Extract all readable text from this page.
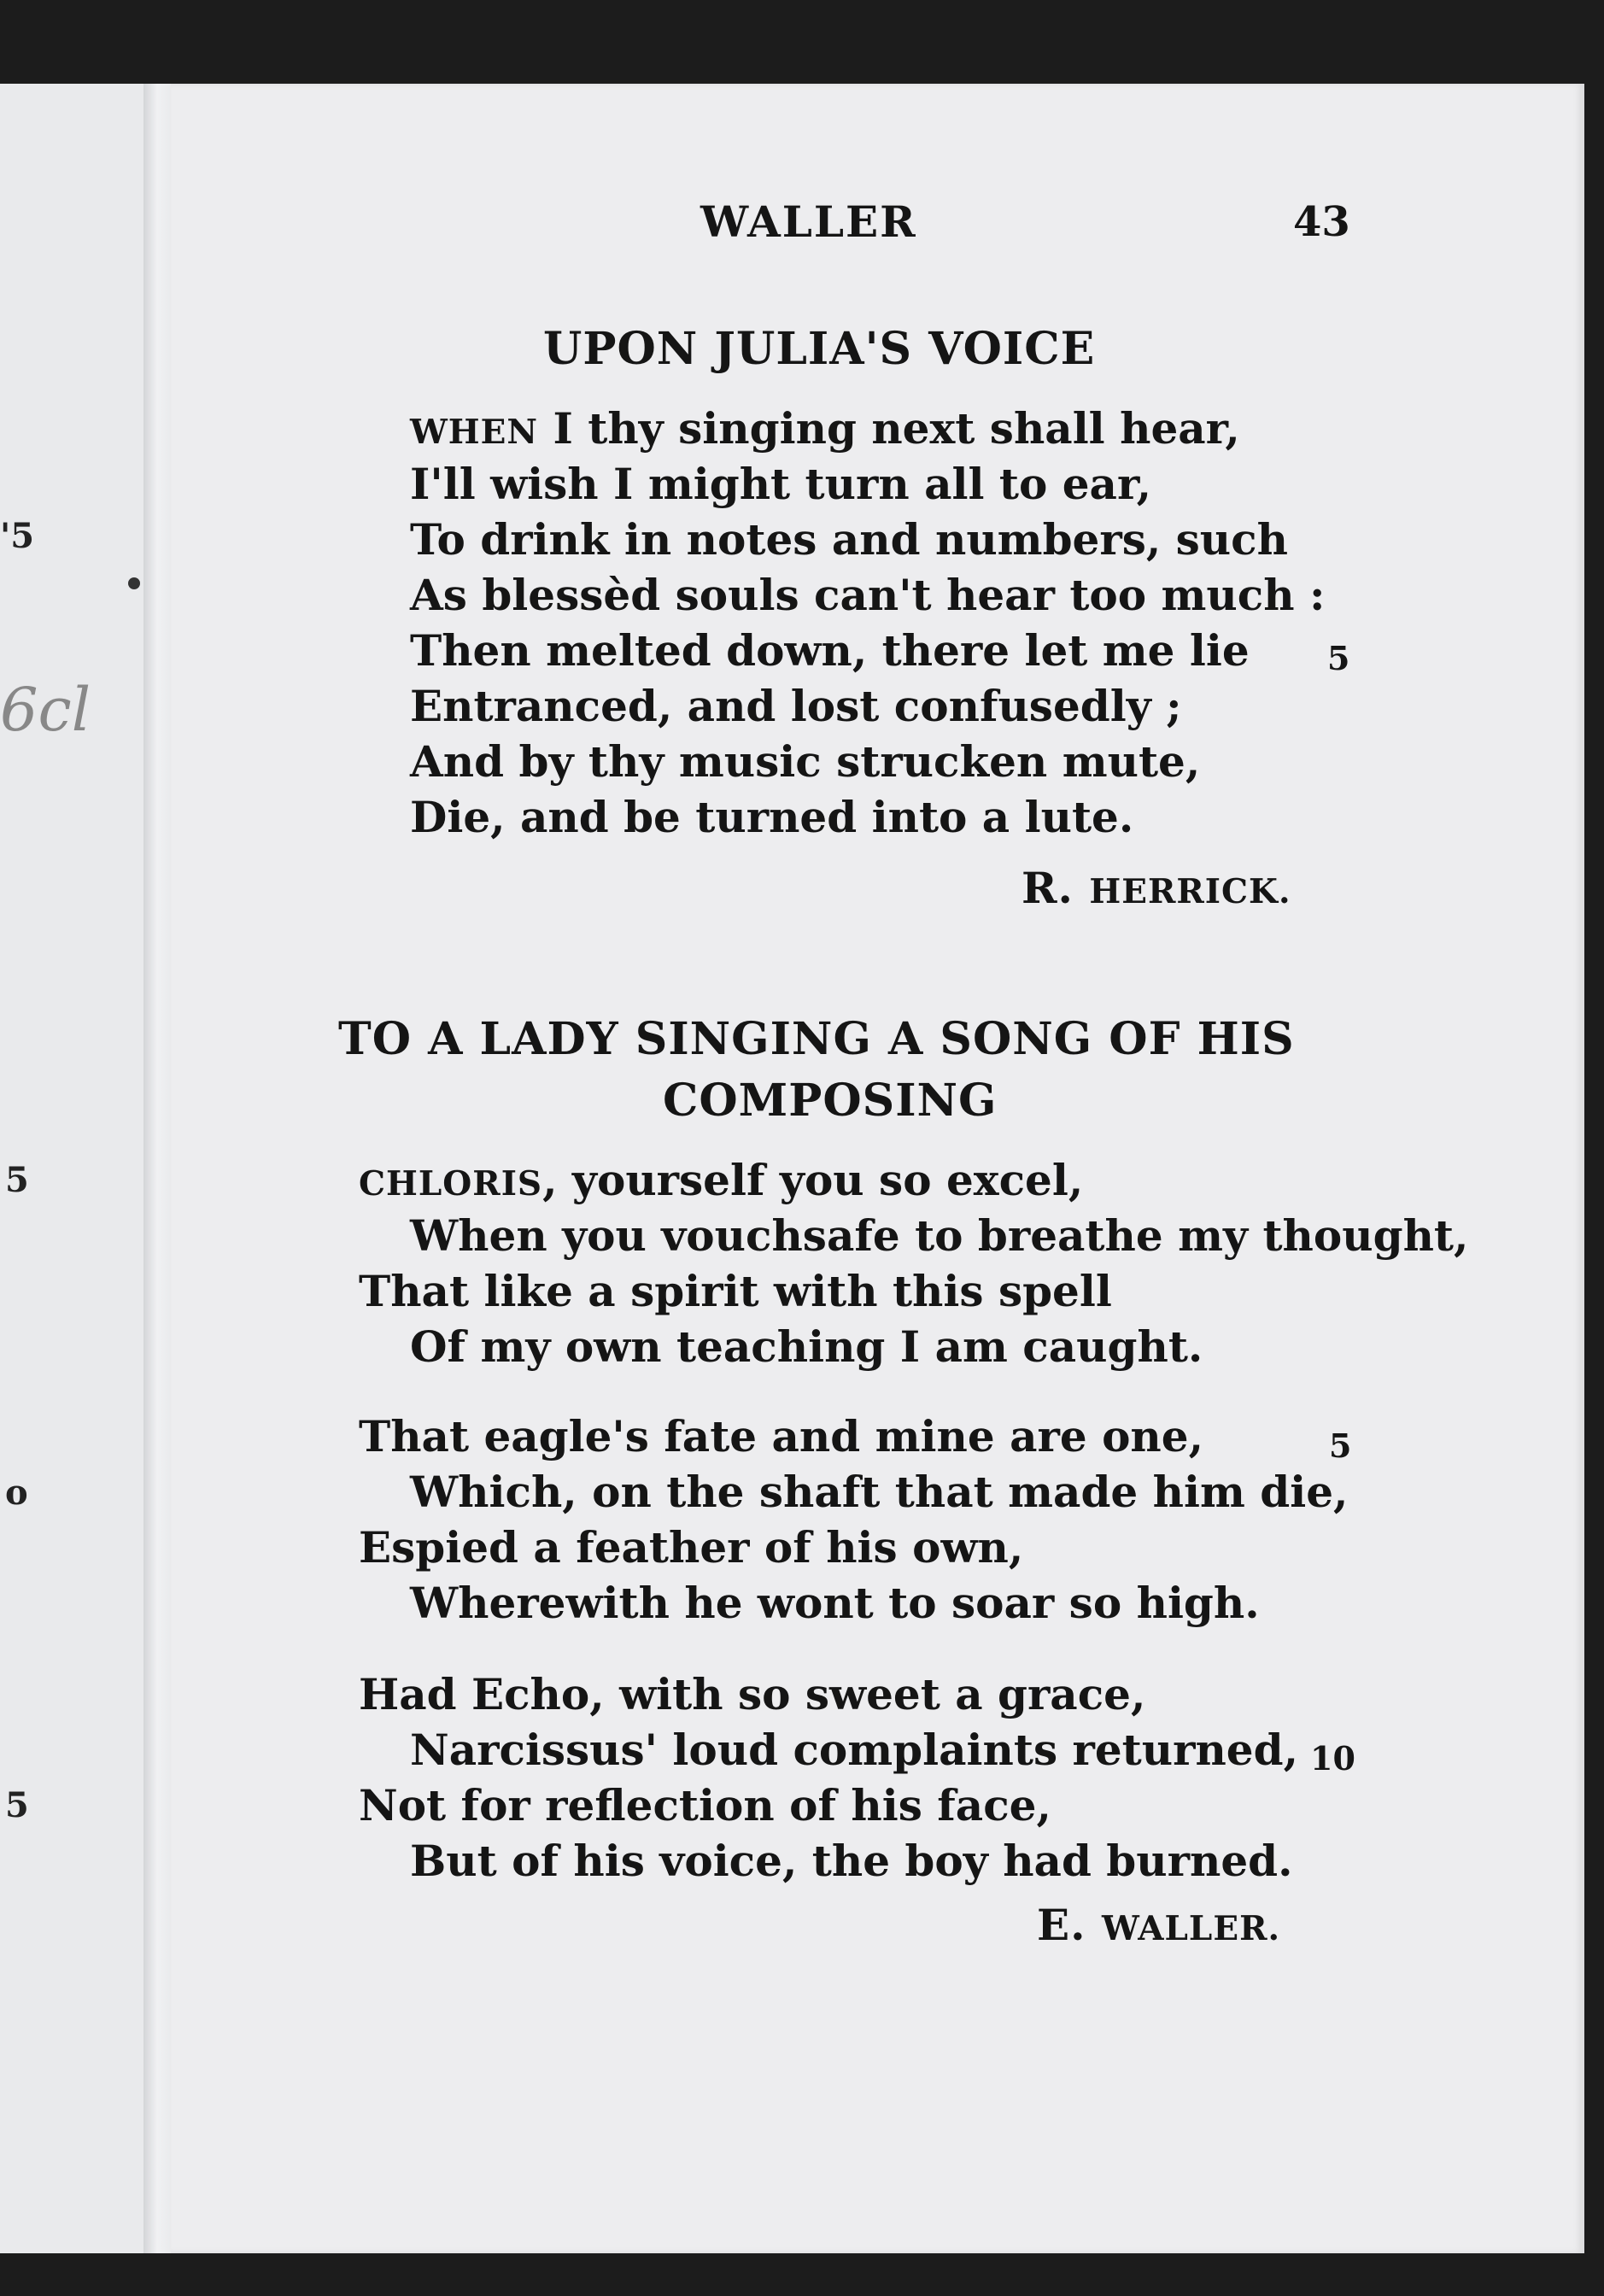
'5
6cl
5
o
5
WALLER	43
UPON JULIA'S VOICE
WHEN I thy singing next shall hear,
I'll wish I might turn all to ear,
To drink in notes and numbers, such
As blessèd souls can't hear too much :
Then melted down, there let me lie 5
Entranced, and lost confusedly ;
And by thy music strucken mute,
Die, and be turned into a lute.
R. HERRICK.
TO A LADY SINGING A SONG OF HIS
COMPOSING
CHLORIS, yourself you so excel,
When you vouchsafe to breathe my thought,
That like a spirit with this spell
Of my own teaching I am caught.
That eagle's fate and mine are one,	5
Which, on the shaft that made him die,
Espied a feather of his own,
Wherewith he wont to soar so high.
Had Echo, with so sweet a grace,
Narcissus' loud complaints returned, 10
Not for reflection of his face,
But of his voice, the boy had burned.
E. WALLER.
